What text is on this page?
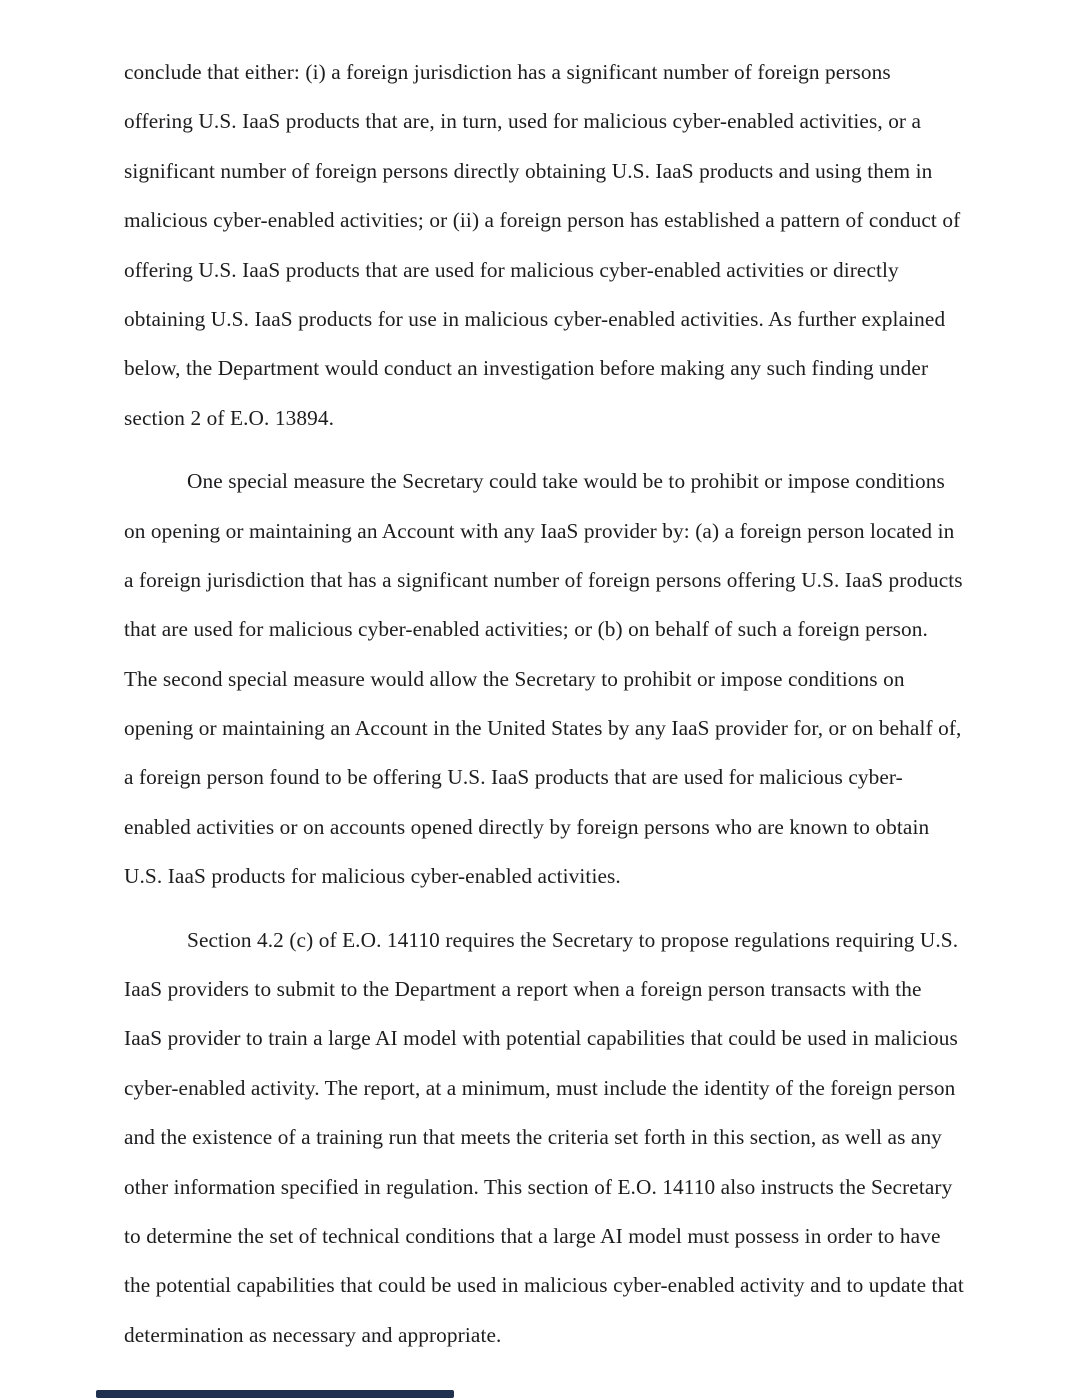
conclude that either: (i) a foreign jurisdiction has a significant number of foreign persons
offering U.S. IaaS products that are, in turn, used for malicious cyber-enabled activities, or a
significant number of foreign persons directly obtaining U.S. IaaS products and using them in
malicious cyber-enabled activities; or (ii) a foreign person has established a pattern of conduct of
offering U.S. IaaS products that are used for malicious cyber-enabled activities or directly
obtaining U.S. IaaS products for use in malicious cyber-enabled activities. As further explained
below, the Department would conduct an investigation before making any such finding under
section 2 of E.O. 13894.
One special measure the Secretary could take would be to prohibit or impose conditions
on opening or maintaining an Account with any IaaS provider by: (a) a foreign person located in
a foreign jurisdiction that has a significant number of foreign persons offering U.S. IaaS products
that are used for malicious cyber-enabled activities; or (b) on behalf of such a foreign person.
The second special measure would allow the Secretary to prohibit or impose conditions on
opening or maintaining an Account in the United States by any IaaS provider for, or on behalf of,
a foreign person found to be offering U.S. IaaS products that are used for malicious cyber-
enabled activities or on accounts opened directly by foreign persons who are known to obtain
U.S. IaaS products for malicious cyber-enabled activities.
Section 4.2 (c) of E.O. 14110 requires the Secretary to propose regulations requiring U.S.
IaaS providers to submit to the Department a report when a foreign person transacts with the
IaaS provider to train a large AI model with potential capabilities that could be used in malicious
cyber-enabled activity. The report, at a minimum, must include the identity of the foreign person
and the existence of a training run that meets the criteria set forth in this section, as well as any
other information specified in regulation. This section of E.O. 14110 also instructs the Secretary
to determine the set of technical conditions that a large AI model must possess in order to have
the potential capabilities that could be used in malicious cyber-enabled activity and to update that
determination as necessary and appropriate.
